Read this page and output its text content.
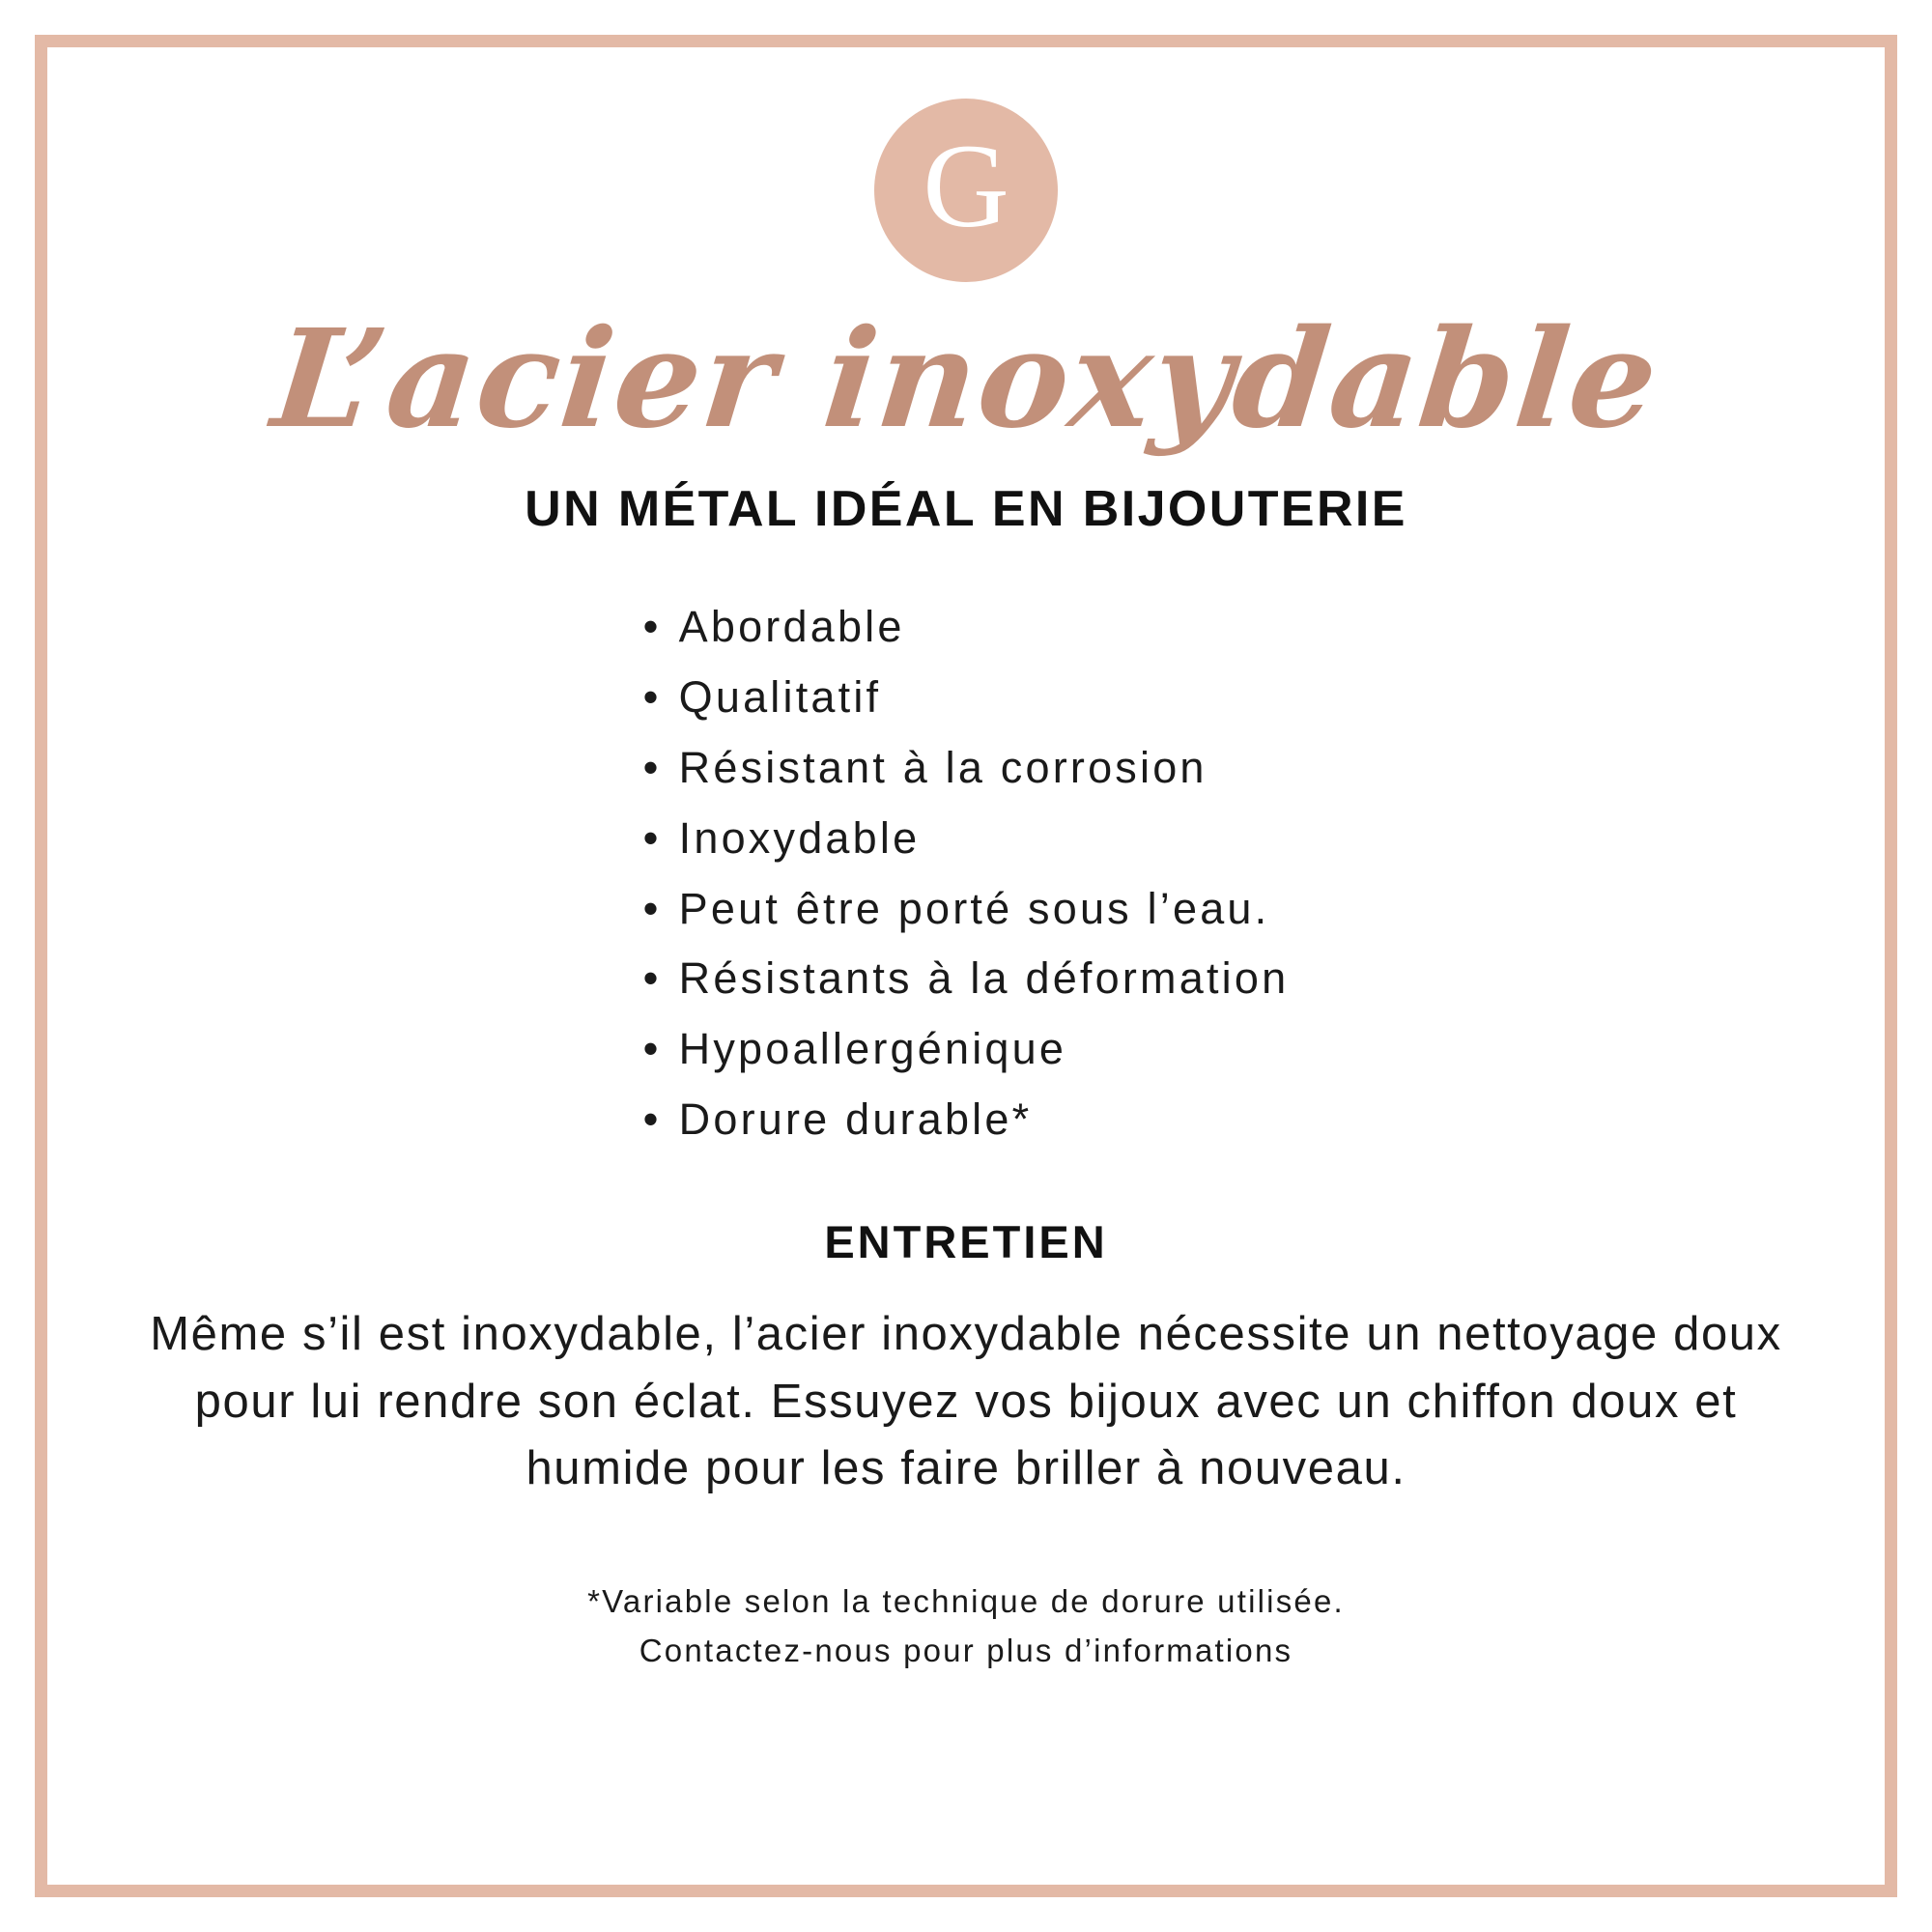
G
L’acier inoxydable
UN MÉTAL IDÉAL EN BIJOUTERIE
• Abordable
• Qualitatif
• Résistant à la corrosion
• Inoxydable
• Peut être porté sous l’eau.
• Résistants à la déformation
• Hypoallergénique
• Dorure durable*
ENTRETIEN
Même s’il est inoxydable, l’acier inoxydable nécessite un nettoyage doux pour lui rendre son éclat. Essuyez vos bijoux avec un chiffon doux et humide pour les faire briller à nouveau.
*Variable selon la technique de dorure utilisée.
Contactez-nous pour plus d’informations
